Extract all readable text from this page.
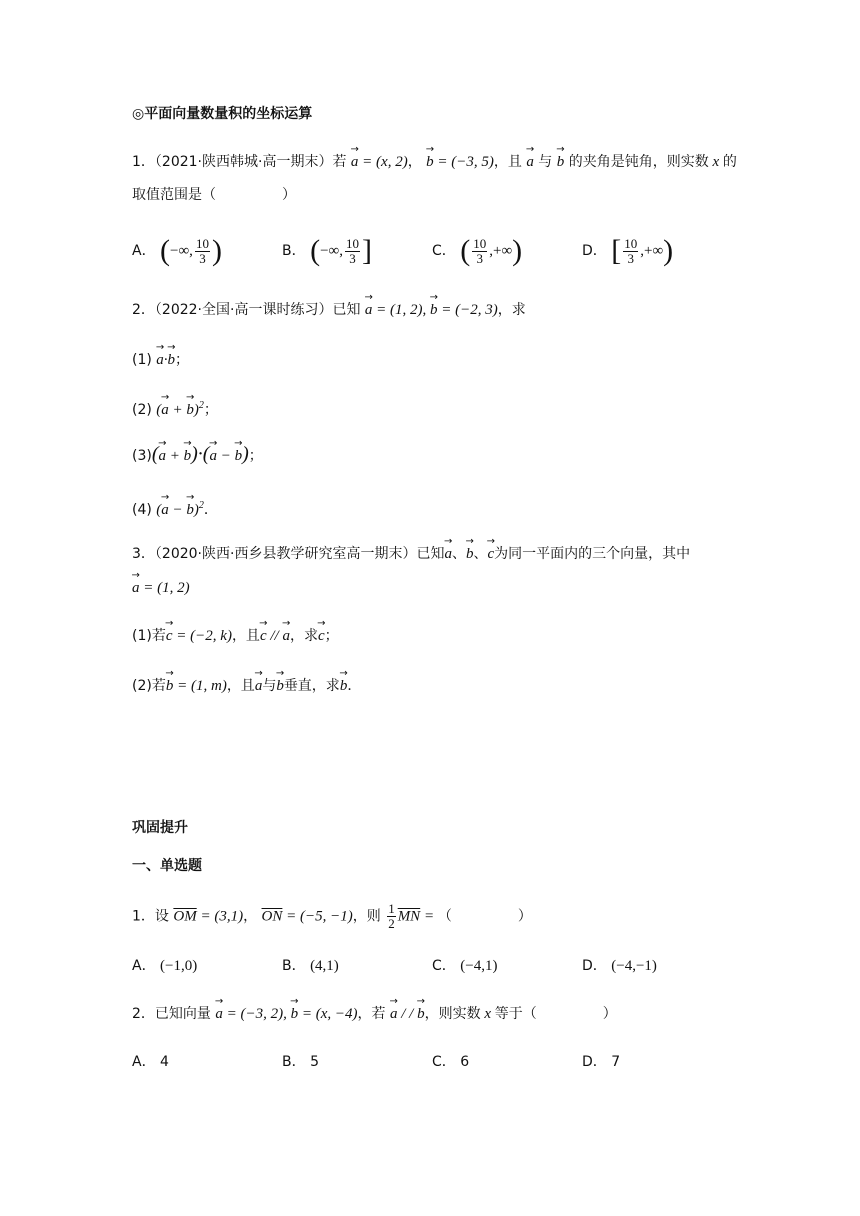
◎平面向量数量积的坐标运算
1．（2021·陕西韩城·高一期末）若 → a = (x, 2)， → b = (−3, 5)，且 → a 与 → b 的夹角是钝角，则实数 x 的
取值范围是（	）
A． (−∞, $\frac{10}{3}$ )	B． (−∞, $\frac{10}{3}$ ]	C． ( $\frac{10}{3}$ ,+∞)	D． [ $\frac{10}{3}$ ,+∞)
2．（2022·全国·高一课时练习）已知 → a = (1, 2), → b = (−2, 3)，求
(1) → a·→ b；
(2) (→ a + → b)$^2$；
(3)(→ a + → b)·(→ a − → b)；
(4) (→ a − → b)$^2$．
3．（2020·陕西·西乡县教学研究室高一期末）已知→ a、→ b、→ c为同一平面内的三个向量，其中
→ a = (1, 2)
(1)若→ c = (−2, k)，且→ c // → a，求→ c；
(2)若→ b = (1, m)，且→ a与→ b垂直，求→ b．
巩固提升
一、单选题
1．设 $\overline{OM} = (3,1)$， $\overline{ON} = (-5$, −1)，则 $\frac{1}{2} \overline{MN}$ = （	）
A． (−1,0)	B． (4,1)	C． (−4,1)	D． (−4,−1)
2．已知向量 → a = (−3, 2), → b = (x, −4)，若 → a / / → b，则实数 x 等于（	）
A． 4	B． 5	C． 6	D． 7
